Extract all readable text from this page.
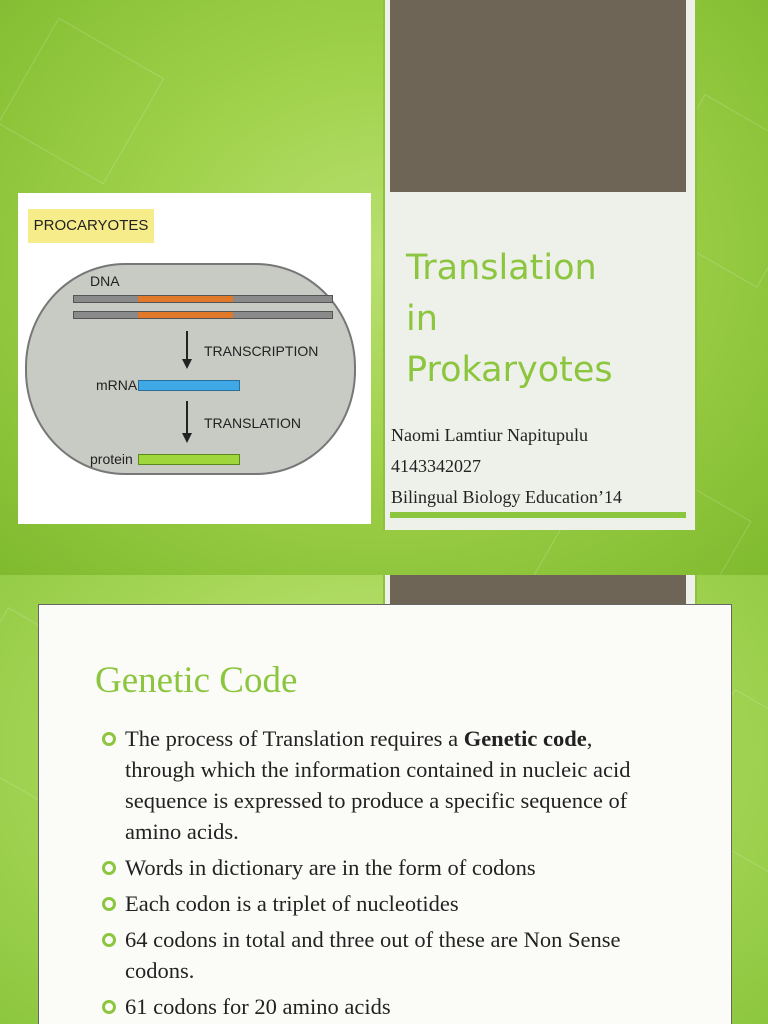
PROCARYOTES
DNA
TRANSCRIPTION
mRNA
TRANSLATION
protein
Translation
in
Prokaryotes
Naomi Lamtiur Napitupulu
4143342027
Bilingual Biology Education’14
Genetic Code
The process of Translation requires a Genetic code, through which the information contained in nucleic acid sequence is expressed to produce a specific sequence of amino acids.
Words in dictionary are in the form of codons
Each codon is a triplet of nucleotides
64 codons in total and three out of these are Non Sense codons.
61 codons for 20 amino acids
